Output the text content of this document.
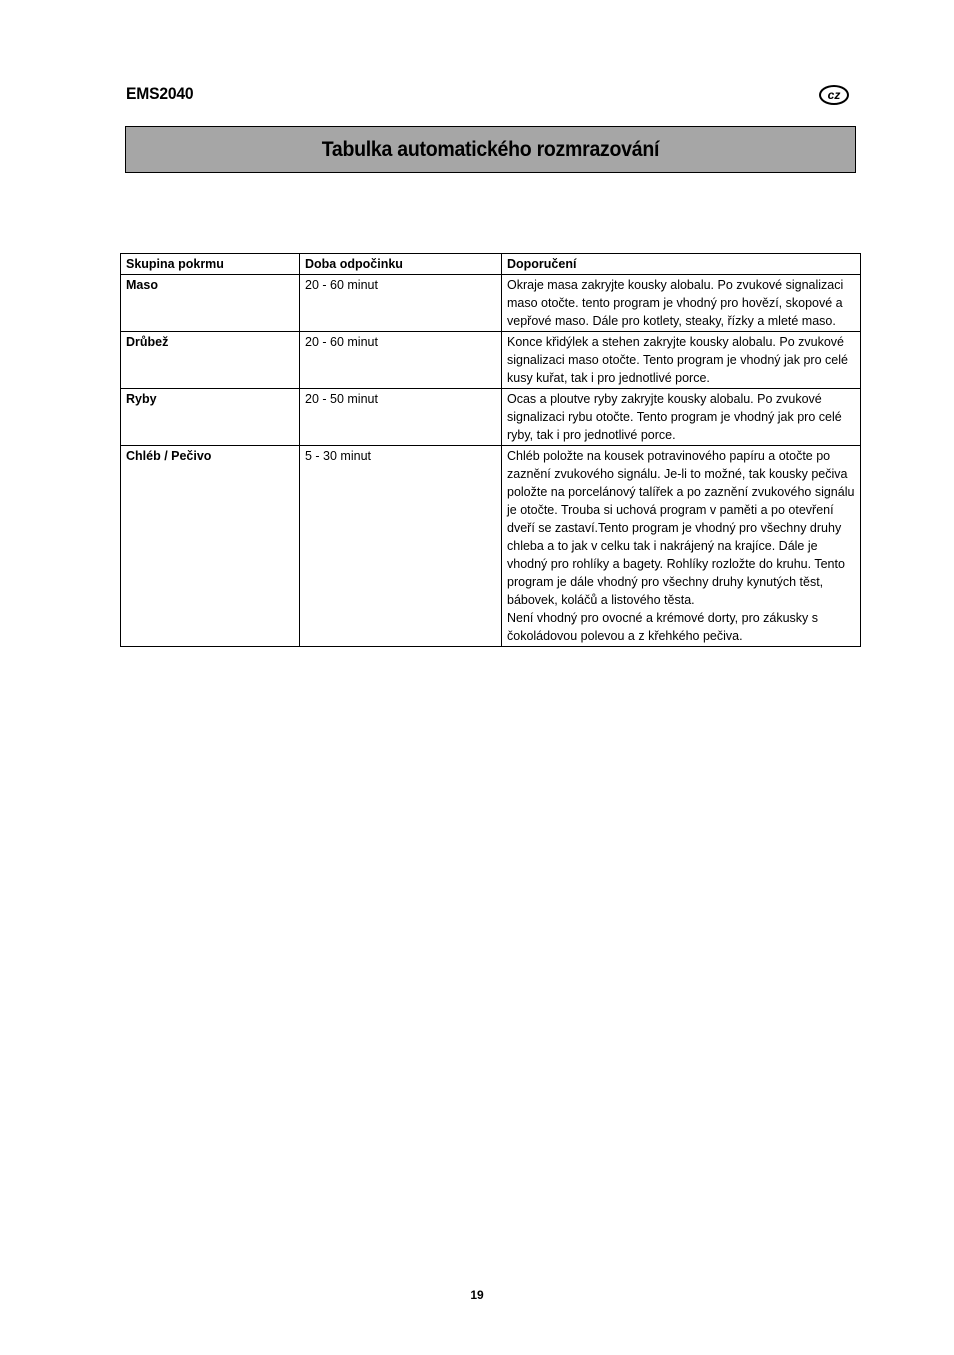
EMS2040	cz
Tabulka automatického rozmrazování
Skupina pokrmu	Doba odpočinku	Doporučení
Maso	20 - 60 minut	Okraje masa zakryjte kousky alobalu. Po zvukové signalizaci maso otočte. tento program je vhodný pro hovězí, skopové a vepřové maso. Dále pro kotlety, steaky, řízky a mleté maso.
Drůbež	20 - 60 minut	Konce křidýlek a stehen zakryjte kousky alobalu. Po zvukové signalizaci maso otočte. Tento program je vhodný jak pro celé kusy kuřat, tak i pro jednotlivé porce.
Ryby	20 - 50 minut	Ocas a ploutve ryby zakryjte kousky alobalu. Po zvukové signalizaci rybu otočte. Tento program je vhodný jak pro celé ryby, tak i pro jednotlivé porce.
Chléb / Pečivo	5 - 30 minut	Chléb položte na kousek potravinového papíru a otočte po zaznění zvukového signálu. Je-li to možné, tak kousky pečiva položte na porcelánový talířek a po zaznění zvukového signálu je otočte. Trouba si uchová program v paměti a po otevření dveří se zastaví.Tento program je vhodný pro všechny druhy chleba a to jak v celku tak i nakrájený na krajíce. Dále je vhodný pro rohlíky a bagety. Rohlíky rozložte do kruhu. Tento program je dále vhodný pro všechny druhy kynutých těst, bábovek, koláčů a listového těsta.
Není vhodný pro ovocné a krémové dorty, pro zákusky s čokoládovou polevou a z křehkého pečiva.
19
